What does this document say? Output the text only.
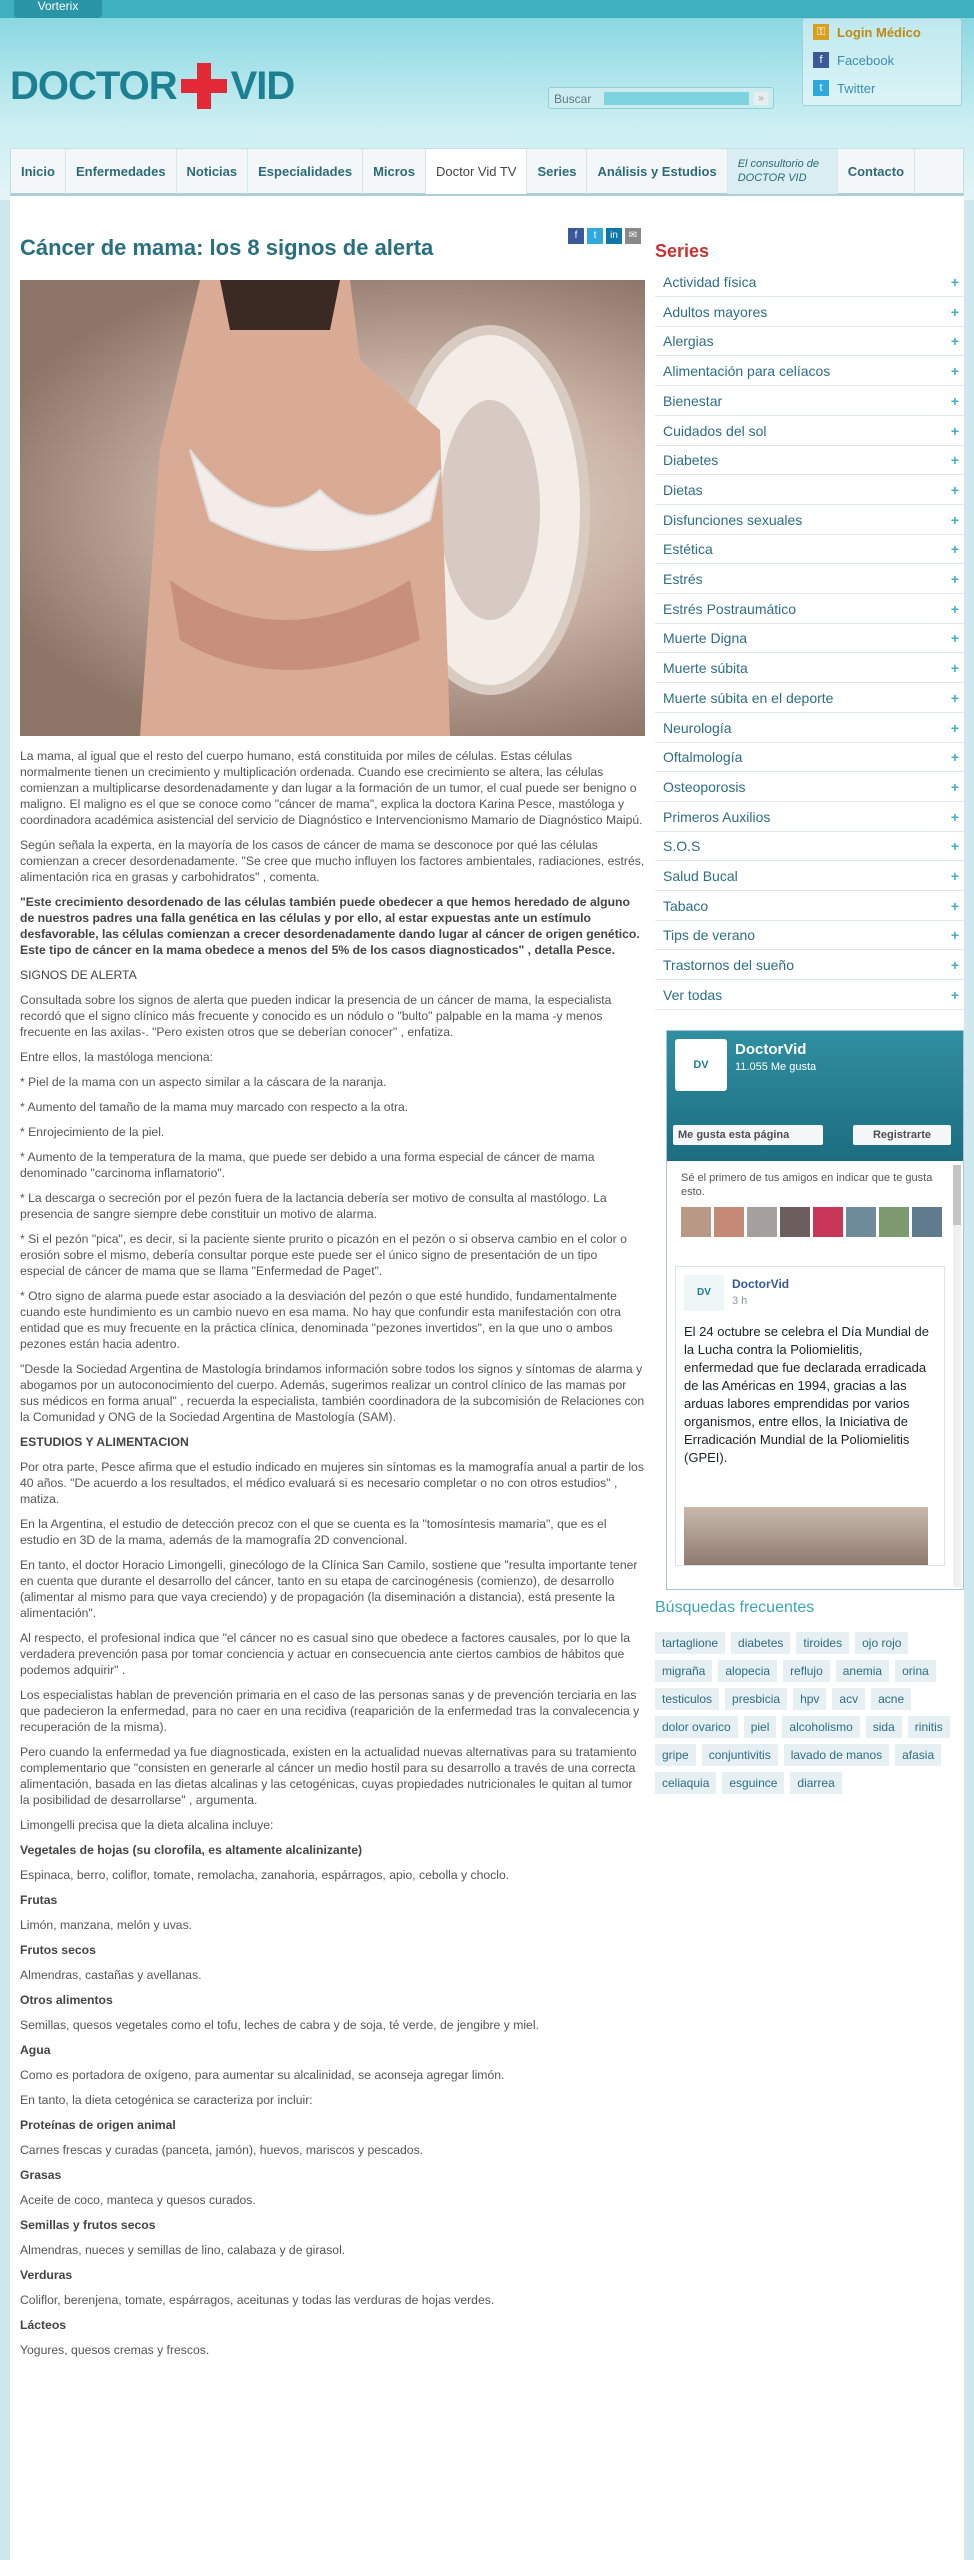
Vorterix
DOCTOR VID	Buscar	»
⚿ Login Médico
f	Facebook
t	Twitter
Inicio	Enfermedades	Noticias	Especialidades	Micros	Doctor Vid TV	Series	Análisis y Estudios	El consultorio de DOCTOR VID	Contacto
f	t	in	✉
Cáncer de mama: los 8 signos de alerta

La mama, al igual que el resto del cuerpo humano, está constituida por miles de células. Estas células normalmente tienen un crecimiento y multiplicación ordenada. Cuando ese crecimiento se altera, las células comienzan a multiplicarse desordenadamente y dan lugar a la formación de un tumor, el cual puede ser benigno o maligno. El maligno es el que se conoce como "cáncer de mama", explica la doctora Karina Pesce, mastóloga y coordinadora académica asistencial del servicio de Diagnóstico e Intervencionismo Mamario de Diagnóstico Maipú.

Según señala la experta, en la mayoría de los casos de cáncer de mama se desconoce por qué las células comienzan a crecer desordenadamente. "Se cree que mucho influyen los factores ambientales, radiaciones, estrés, alimentación rica en grasas y carbohidratos" , comenta.

"Este crecimiento desordenado de las células también puede obedecer a que hemos heredado de alguno de nuestros padres una falla genética en las células y por ello, al estar expuestas ante un estímulo desfavorable, las células comienzan a crecer desordenadamente dando lugar al cáncer de origen genético. Este tipo de cáncer en la mama obedece a menos del 5% de los casos diagnosticados" , detalla Pesce.

SIGNOS DE ALERTA

Consultada sobre los signos de alerta que pueden indicar la presencia de un cáncer de mama, la especialista recordó que el signo clínico más frecuente y conocido es un nódulo o "bulto" palpable en la mama -y menos frecuente en las axilas-. "Pero existen otros que se deberían conocer" , enfatiza.

Entre ellos, la mastóloga menciona:

* Piel de la mama con un aspecto similar a la cáscara de la naranja.

* Aumento del tamaño de la mama muy marcado con respecto a la otra.

* Enrojecimiento de la piel.

* Aumento de la temperatura de la mama, que puede ser debido a una forma especial de cáncer de mama denominado "carcinoma inflamatorio".

* La descarga o secreción por el pezón fuera de la lactancia debería ser motivo de consulta al mastólogo. La presencia de sangre siempre debe constituir un motivo de alarma.

* Si el pezón "pica", es decir, si la paciente siente prurito o picazón en el pezón o si observa cambio en el color o erosión sobre el mismo, debería consultar porque este puede ser el único signo de presentación de un tipo especial de cáncer de mama que se llama "Enfermedad de Paget".

* Otro signo de alarma puede estar asociado a la desviación del pezón o que esté hundido, fundamentalmente cuando este hundimiento es un cambio nuevo en esa mama. No hay que confundir esta manifestación con otra entidad que es muy frecuente en la práctica clínica, denominada "pezones invertidos", en la que uno o ambos pezones están hacia adentro.

"Desde la Sociedad Argentina de Mastología brindamos información sobre todos los signos y síntomas de alarma y abogamos por un autoconocimiento del cuerpo. Además, sugerimos realizar un control clínico de las mamas por sus médicos en forma anual" , recuerda la especialista, también coordinadora de la subcomisión de Relaciones con la Comunidad y ONG de la Sociedad Argentina de Mastología (SAM).

ESTUDIOS Y ALIMENTACION

Por otra parte, Pesce afirma que el estudio indicado en mujeres sin síntomas es la mamografía anual a partir de los 40 años. "De acuerdo a los resultados, el médico evaluará si es necesario completar o no con otros estudios" , matiza.

En la Argentina, el estudio de detección precoz con el que se cuenta es la "tomosíntesis mamaria", que es el estudio en 3D de la mama, además de la mamografía 2D convencional.

En tanto, el doctor Horacio Limongelli, ginecólogo de la Clínica San Camilo, sostiene que "resulta importante tener en cuenta que durante el desarrollo del cáncer, tanto en su etapa de carcinogénesis (comienzo), de desarrollo (alimentar al mismo para que vaya creciendo) y de propagación (la diseminación a distancia), está presente la alimentación".

Al respecto, el profesional indica que "el cáncer no es casual sino que obedece a factores causales, por lo que la verdadera prevención pasa por tomar conciencia y actuar en consecuencia ante ciertos cambios de hábitos que podemos adquirir" .

Los especialistas hablan de prevención primaria en el caso de las personas sanas y de prevención terciaria en las que padecieron la enfermedad, para no caer en una recidiva (reaparición de la enfermedad tras la convalecencia y recuperación de la misma).

Pero cuando la enfermedad ya fue diagnosticada, existen en la actualidad nuevas alternativas para su tratamiento complementario que "consisten en generarle al cáncer un medio hostil para su desarrollo a través de una correcta alimentación, basada en las dietas alcalinas y las cetogénicas, cuyas propiedades nutricionales le quitan al tumor la posibilidad de desarrollarse" , argumenta.

Limongelli precisa que la dieta alcalina incluye:

Vegetales de hojas (su clorofila, es altamente alcalinizante)

Espinaca, berro, coliflor, tomate, remolacha, zanahoria, espárragos, apio, cebolla y choclo.

Frutas

Limón, manzana, melón y uvas.

Frutos secos

Almendras, castañas y avellanas.

Otros alimentos

Semillas, quesos vegetales como el tofu, leches de cabra y de soja, té verde, de jengibre y miel.

Agua

Como es portadora de oxígeno, para aumentar su alcalinidad, se aconseja agregar limón.

En tanto, la dieta cetogénica se caracteriza por incluir:

Proteínas de origen animal

Carnes frescas y curadas (panceta, jamón), huevos, mariscos y pescados.

Grasas

Aceite de coco, manteca y quesos curados.

Semillas y frutos secos

Almendras, nueces y semillas de lino, calabaza y de girasol.

Verduras

Coliflor, berenjena, tomate, espárragos, aceitunas y todas las verduras de hojas verdes.

Lácteos

Yogures, quesos cremas y frescos.

Series
DV
DoctorVid
11.055 Me gusta
Me gusta esta página	Registrarte
Sé el primero de tus amigos en indicar que te gusta esto.
DV
DoctorVid
3 h
El 24 octubre se celebra el Día Mundial de la Lucha contra la Poliomielitis, enfermedad que fue declarada erradicada de las Américas en 1994, gracias a las arduas labores emprendidas por varios organismos, entre ellos, la Iniciativa de Erradicación Mundial de la Poliomielitis (GPEI).
Búsquedas frecuentes
tartaglione	diabetes	tiroides	ojo rojo
migraña	alopecia	reflujo	anemia	orina
testiculos	presbicia	hpv	acv	acne
dolor ovarico	piel	alcoholismo	sida	rinitis
gripe	conjuntivitis	lavado de manos	afasia
celiaquia	esguince	diarrea
Actividad física	+
Adultos mayores	+
Alergias	+
Alimentación para celíacos	+
Bienestar	+
Cuidados del sol	+
Diabetes	+
Dietas	+
Disfunciones sexuales	+
Estética	+
Estrés	+
Estrés Postraumático	+
Muerte Digna	+
Muerte súbita	+
Muerte súbita en el deporte	+
Neurología	+
Oftalmología	+
Osteoporosis	+
Primeros Auxilios	+
S.O.S	+
Salud Bucal	+
Tabaco	+
Tips de verano	+
Trastornos del sueño	+
Ver todas	+
